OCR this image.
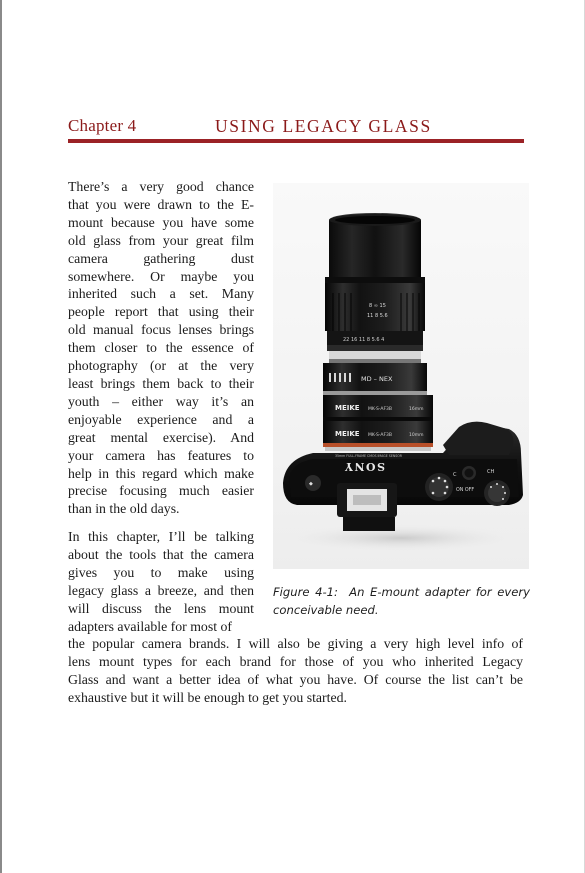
Chapter 4	USING LEGACY GLASS

There’s a very good chance
that you were drawn to the E-
mount because you have some
old glass from your great film
camera gathering dust
somewhere. Or maybe you
inherited such a set. Many
people report that using their
old manual focus lenses brings
them closer to the essence of
photography (or at the very
least brings them back to their
youth – either way it’s an
enjoyable experience and a
great mental exercise). And
your camera has features to
help in this regard which make
precise focusing much easier
than in the old days.

In this chapter, I’ll be talking
about the tools that the camera
gives you to make using
legacy glass a breeze, and then
will discuss the lens mount
adapters available for most of

the popular camera brands. I will also be giving a very high level info of
lens mount types for each brand for those of you who inherited Legacy
Glass and want a better idea of what you have. Of course the list can’t be
exhaustive but it will be enough to get you started.

8 ∞ 15
11 8 5.6
22 16 11 8 5.6 4
MD – NEX
MEIKE MK-S-AF3B	16mm
MEIKE MK-S-AF3B	10mm
SONY
35mm FULL-FRAME CMOS IMAGE SENSOR
◆
ON OFF
C	CH
Figure 4-1: An E-mount adapter for every
conceivable need.
